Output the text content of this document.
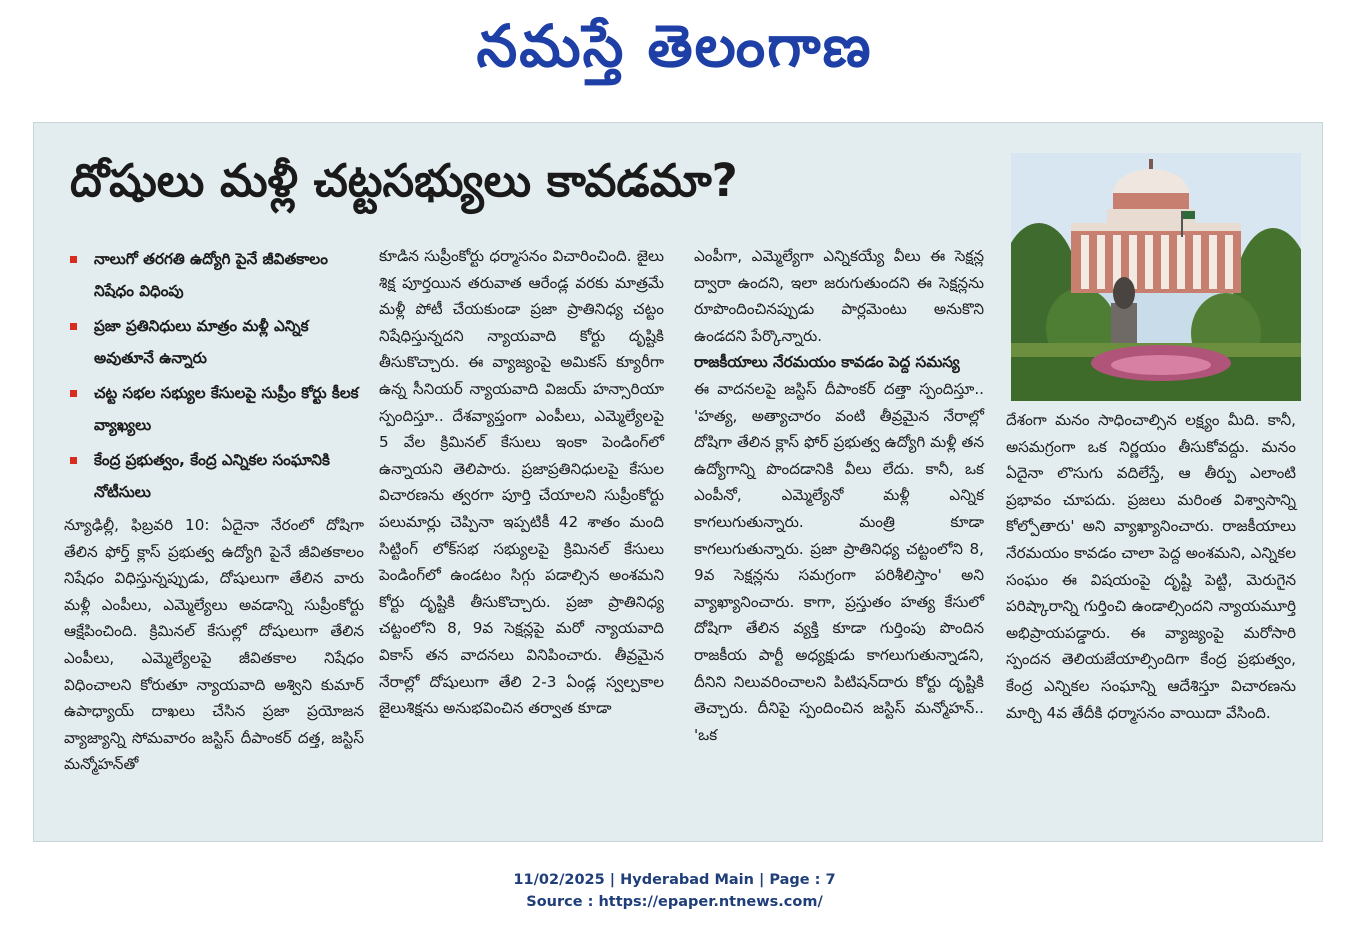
నమస్తే తెలంగాణ
దోషులు మళ్లీ చట్టసభ్యులు కావడమా?
నాలుగో తరగతి ఉద్యోగి పైనే జీవితకాలం నిషేధం విధింపు
ప్రజా ప్రతినిధులు మాత్రం మళ్లీ ఎన్నిక అవుతూనే ఉన్నారు
చట్ట సభల సభ్యుల కేసులపై సుప్రీం కోర్టు కీలక వ్యాఖ్యలు
కేంద్ర ప్రభుత్వం, కేంద్ర ఎన్నికల సంఘానికి నోటీసులు

న్యూఢిల్లీ, ఫిబ్రవరి 10: ఏదైనా నేరంలో దోషిగా తేలిన ఫోర్త్ క్లాస్ ప్రభుత్వ ఉద్యోగి పైనే జీవితకాలం నిషేధం విధిస్తున్నప్పుడు, దోషులుగా తేలిన వారు మళ్లీ ఎంపీలు, ఎమ్మెల్యేలు అవడాన్ని సుప్రీంకోర్టు ఆక్షేపించింది. క్రిమినల్ కేసుల్లో దోషులుగా తేలిన ఎంపీలు, ఎమ్మెల్యేలపై జీవితకాల నిషేధం విధించాలని కోరుతూ న్యాయవాది అశ్విని కుమార్ ఉపాధ్యాయ్ దాఖలు చేసిన ప్రజా ప్రయోజన వ్యాజ్యాన్ని సోమవారం జస్టిస్ దీపాంకర్ దత్త, జస్టిస్ మన్మోహన్‌తో

కూడిన సుప్రీంకోర్టు ధర్మాసనం విచారించింది. జైలు శిక్ష పూర్తయిన తరువాత ఆరేండ్ల వరకు మాత్రమే మళ్లీ పోటీ చేయకుండా ప్రజా ప్రాతినిధ్య చట్టం నిషేధిస్తున్నదని న్యాయవాది కోర్టు దృష్టికి తీసుకొచ్చారు. ఈ వ్యాజ్యంపై అమికస్ క్యూరీగా ఉన్న సీనియర్ న్యాయవాది విజయ్ హన్సారియా స్పందిస్తూ.. దేశవ్యాప్తంగా ఎంపీలు, ఎమ్మెల్యేలపై 5 వేల క్రిమినల్ కేసులు ఇంకా పెండింగ్‌లో ఉన్నాయని తెలిపారు. ప్రజాప్రతినిధులపై కేసుల విచారణను త్వరగా పూర్తి చేయాలని సుప్రీంకోర్టు పలుమార్లు చెప్పినా ఇప్పటికీ 42 శాతం మంది సిట్టింగ్ లోక్‌సభ సభ్యులపై క్రిమినల్ కేసులు పెండింగ్‌లో ఉండటం సిగ్గు పడాల్సిన అంశమని కోర్టు దృష్టికి తీసుకొచ్చారు. ప్రజా ప్రాతినిధ్య చట్టంలోని 8, 9వ సెక్షన్లపై మరో న్యాయవాది వికాస్ తన వాదనలు వినిపించారు. తీవ్రమైన నేరాల్లో దోషులుగా తేలి 2-3 ఏండ్ల స్వల్పకాల జైలుశిక్షను అనుభవించిన తర్వాత కూడా

ఎంపీగా, ఎమ్మెల్యేగా ఎన్నికయ్యే వీలు ఈ సెక్షన్ల ద్వారా ఉందని, ఇలా జరుగుతుందని ఈ సెక్షన్లను రూపొందించినప్పుడు పార్లమెంటు అనుకొని ఉండదని పేర్కొన్నారు.

రాజకీయాలు నేరమయం కావడం పెద్ద సమస్య

ఈ వాదనలపై జస్టిస్ దీపాంకర్ దత్తా స్పందిస్తూ.. 'హత్య, అత్యాచారం వంటి తీవ్రమైన నేరాల్లో దోషిగా తేలిన క్లాస్ ఫోర్ ప్రభుత్వ ఉద్యోగి మళ్లీ తన ఉద్యోగాన్ని పొందడానికి వీలు లేదు. కానీ, ఒక ఎంపీనో, ఎమ్మెల్యేనో మళ్లీ ఎన్నిక కాగలుగుతున్నారు. మంత్రి కూడా కాగలుగుతున్నారు. ప్రజా ప్రాతినిధ్య చట్టంలోని 8, 9వ సెక్షన్లను సమగ్రంగా పరిశీలిస్తాం' అని వ్యాఖ్యానించారు. కాగా, ప్రస్తుతం హత్య కేసులో దోషిగా తేలిన వ్యక్తి కూడా గుర్తింపు పొందిన రాజకీయ పార్టీ అధ్యక్షుడు కాగలుగుతున్నాడని, దీనిని నిలువరించాలని పిటిషన్‌దారు కోర్టు దృష్టికి తెచ్చారు. దీనిపై స్పందించిన జస్టిస్ మన్మోహన్.. 'ఒక

దేశంగా మనం సాధించాల్సిన లక్ష్యం మీది. కానీ, అసమగ్రంగా ఒక నిర్ణయం తీసుకోవద్దు. మనం ఏదైనా లొసుగు వదిలేస్తే, ఆ తీర్పు ఎలాంటి ప్రభావం చూపదు. ప్రజలు మరింత విశ్వాసాన్ని కోల్పోతారు' అని వ్యాఖ్యానించారు. రాజకీయాలు నేరమయం కావడం చాలా పెద్ద అంశమని, ఎన్నికల సంఘం ఈ విషయంపై దృష్టి పెట్టి, మెరుగైన పరిష్కారాన్ని గుర్తించి ఉండాల్సిందని న్యాయమూర్తి అభిప్రాయపడ్డారు. ఈ వ్యాజ్యంపై మరోసారి స్పందన తెలియజేయాల్సిందిగా కేంద్ర ప్రభుత్వం, కేంద్ర ఎన్నికల సంఘాన్ని ఆదేశిస్తూ విచారణను మార్చి 4వ తేదీకి ధర్మాసనం వాయిదా వేసింది.

11/02/2025 | Hyderabad Main | Page : 7
Source : https://epaper.ntnews.com/
